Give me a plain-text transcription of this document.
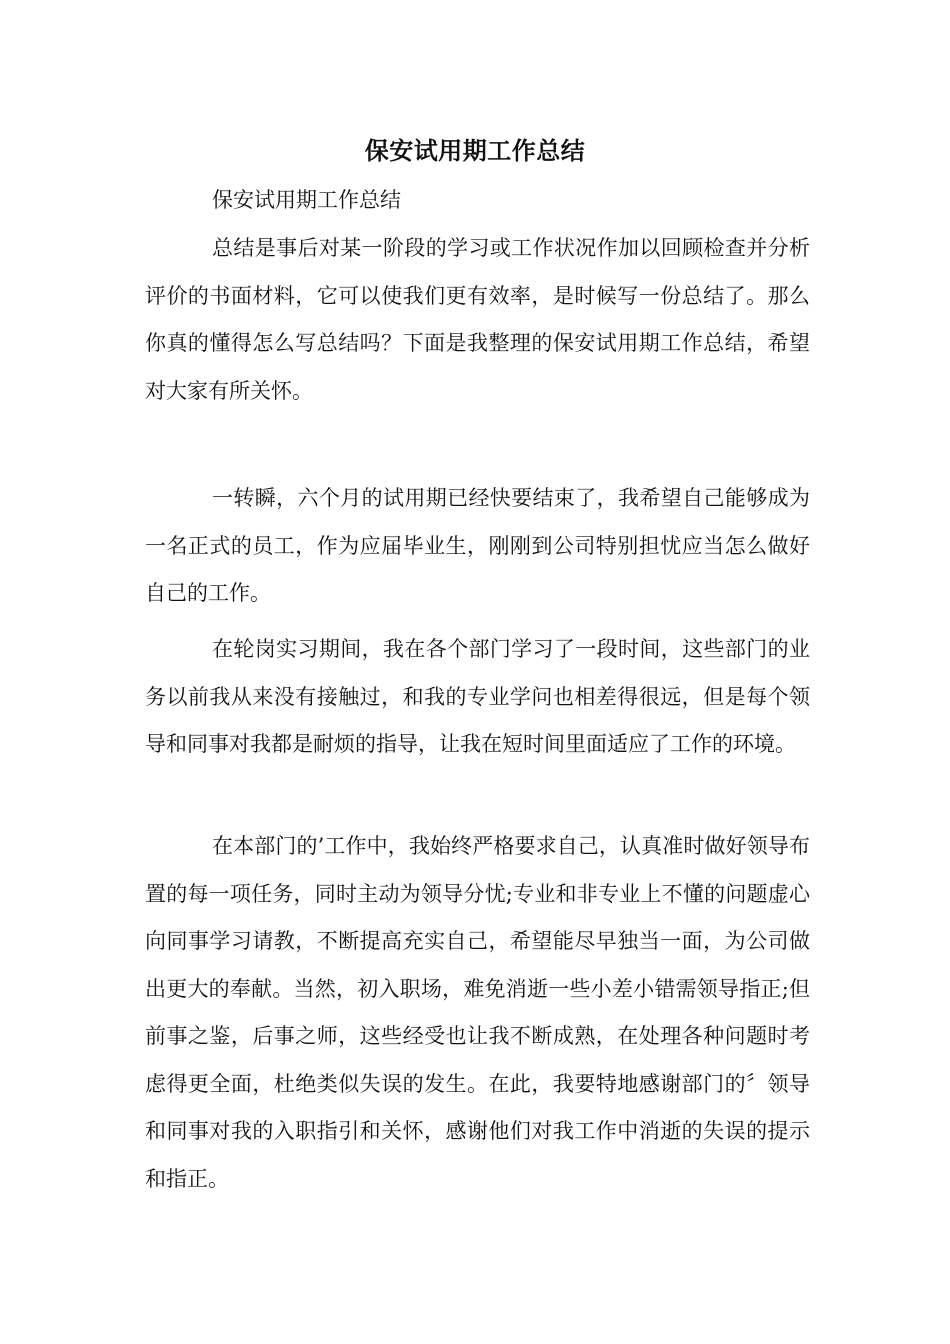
保安试用期工作总结
保安试用期工作总结

总结是事后对某一阶段的学习或工作状况作加以回顾检查并分析评价的书面材料，它可以使我们更有效率，是时候写一份总结了。那么你真的懂得怎么写总结吗？下面是我整理的保安试用期工作总结，希望对大家有所关怀。

一转瞬，六个月的试用期已经快要结束了，我希望自己能够成为一名正式的员工，作为应届毕业生，刚刚到公司特别担忧应当怎么做好自己的工作。

在轮岗实习期间，我在各个部门学习了一段时间，这些部门的业务以前我从来没有接触过，和我的专业学问也相差得很远，但是每个领导和同事对我都是耐烦的指导，让我在短时间里面适应了工作的环境。

在本部门的’工作中，我始终严格要求自己，认真准时做好领导布置的每一项任务，同时主动为领导分忧;专业和非专业上不懂的问题虚心向同事学习请教，不断提高充实自己，希望能尽早独当一面，为公司做出更大的奉献。当然，初入职场，难免消逝一些小差小错需领导指正;但前事之鉴，后事之师，这些经受也让我不断成熟，在处理各种问题时考虑得更全面，杜绝类似失误的发生。在此，我要特地感谢部门的〞领导和同事对我的入职指引和关怀，感谢他们对我工作中消逝的失误的提示和指正。
